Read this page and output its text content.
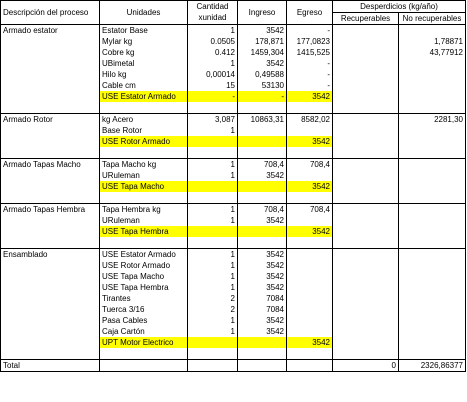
Descripción del proceso	Unidades	Cantidad	Ingreso	Egreso	Desperdicios (kg/año)	
		xunidad			Recuperables	No recuperables
Armado estator	Estator Base	1	3542	-		
	Mylar kg	0.0505	178,871	177,0823		1,78871
	Cobre kg	0.412	1459,304	1415,525		43,77912
	UBimetal	1	3542	-		
	Hilo kg	0,00014	0,49588	-		
	Cable cm	15	53130	-		
	USE Estator Armado	-	-	3542		

Armado Rotor	kg Acero	3,087	10863,31	8582,02		2281,30
	Base Rotor	1				
	USE Rotor Armado			3542		

Armado Tapas Macho	Tapa Macho kg	1	708,4	708,4		
	URuleman	1	3542			
	USE Tapa Macho			3542		

Armado Tapas Hembra	Tapa Hembra kg	1	708,4	708,4		
	URuleman	1	3542			
	USE Tapa Hembra			3542		

Ensamblado	USE Estator Armado	1	3542			
	USE Rotor Armado	1	3542			
	USE Tapa Macho	1	3542			
	USE Tapa Hembra	1	3542			
	Tirantes	2	7084			
	Tuerca 3/16	2	7084			
	Pasa Cables	1	3542			
	Caja Cartón	1	3542			
	UPT Motor Electrico			3542		

Total					0	2326,86377
